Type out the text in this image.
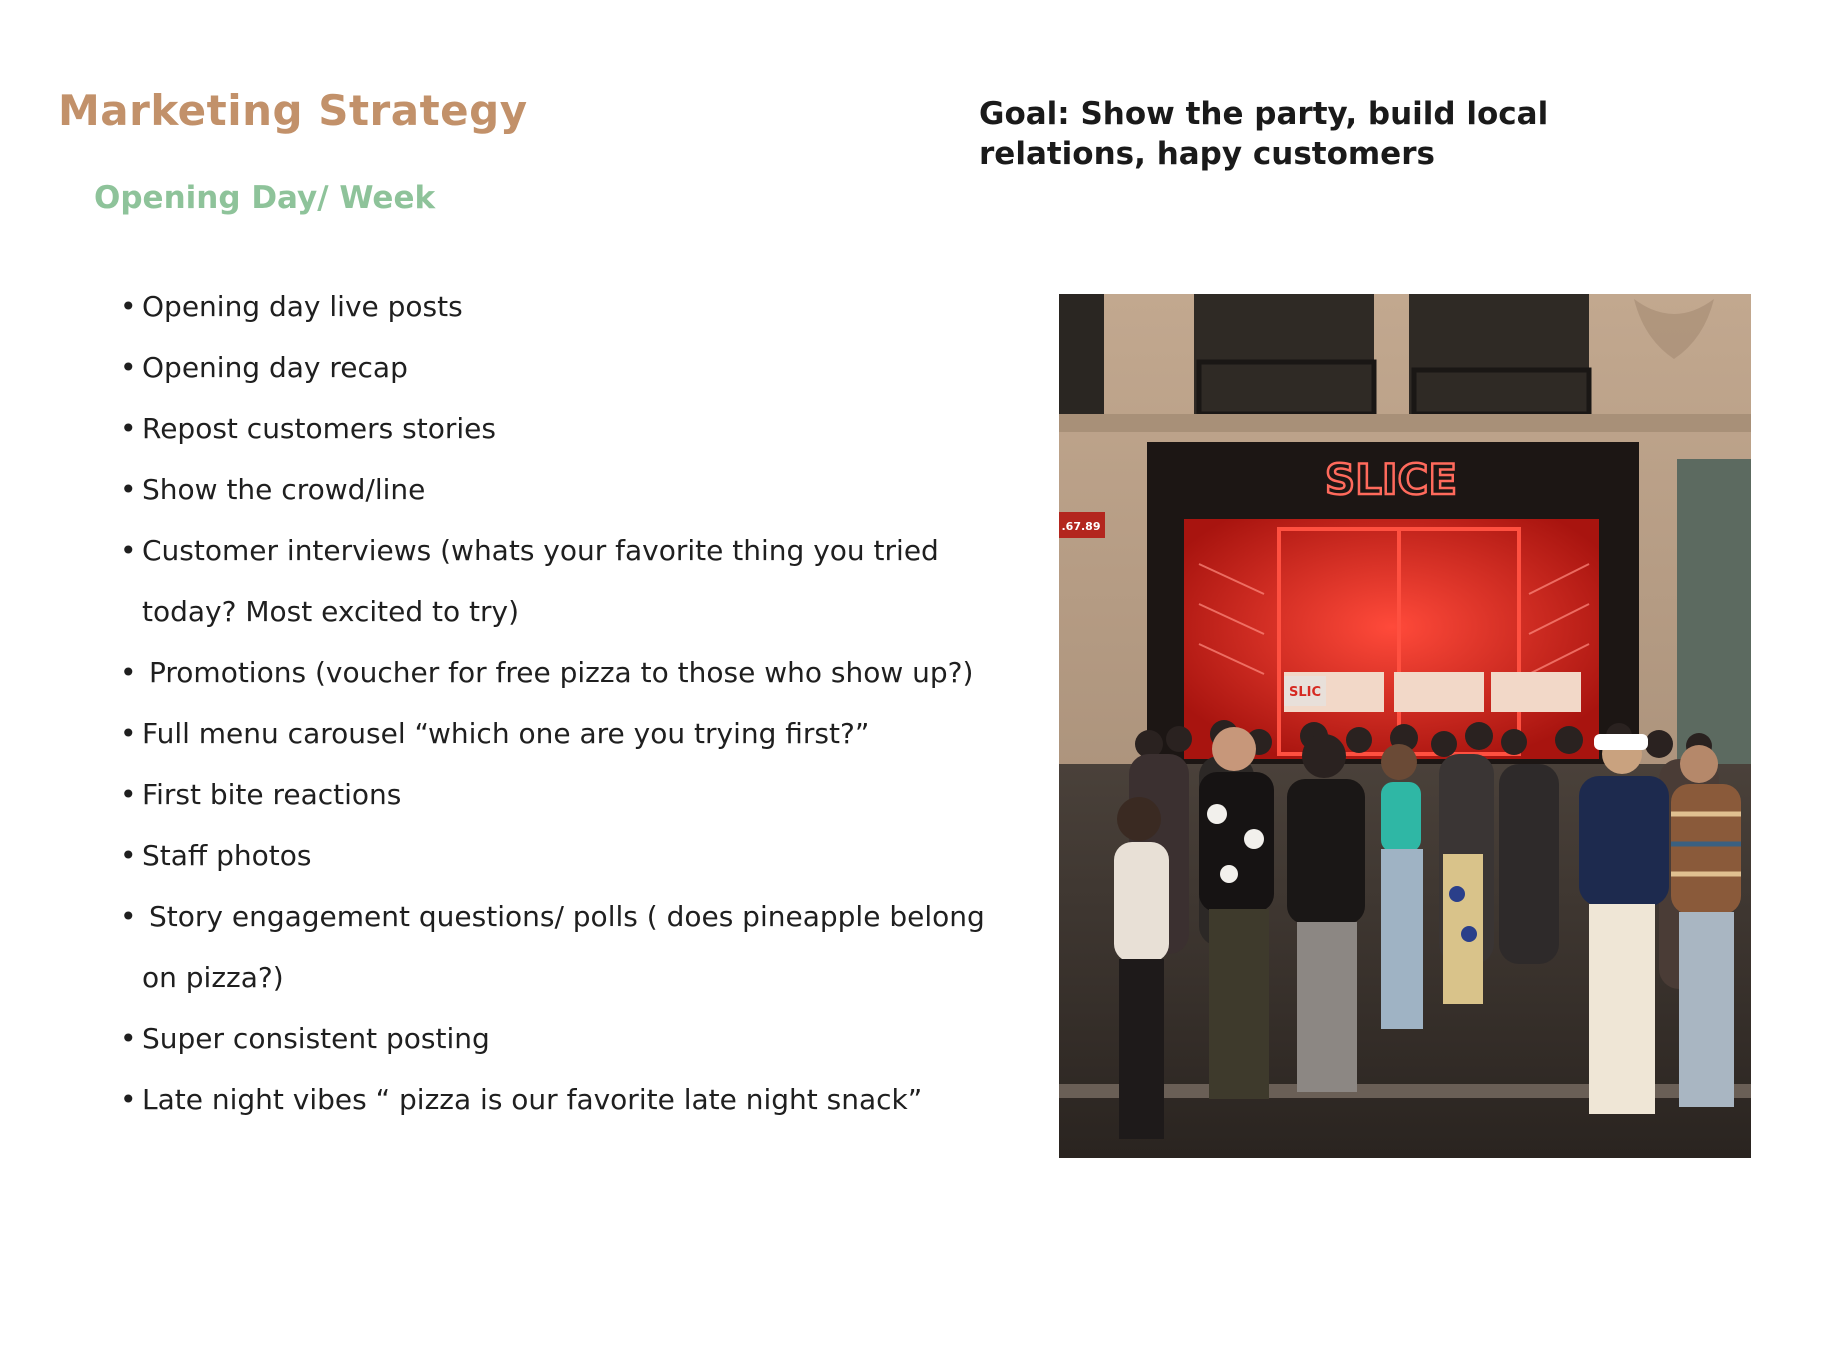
Marketing Strategy
Opening Day/ Week
Goal: Show the party, build local
relations, hapy customers
• Opening day live posts
• Opening day recap
• Repost customers stories
• Show the crowd/line
• Customer interviews (whats your favorite thing you tried
today? Most excited to try)
• Promotions (voucher for free pizza to those who show up?)
• Full menu carousel “which one are you trying first?”
• First bite reactions
• Staff photos
• Story engagement questions/ polls ( does pineapple belong
on pizza?)
• Super consistent posting
• Late night vibes “ pizza is our favorite late night snack”
SLICE
SLIC
.67.89
